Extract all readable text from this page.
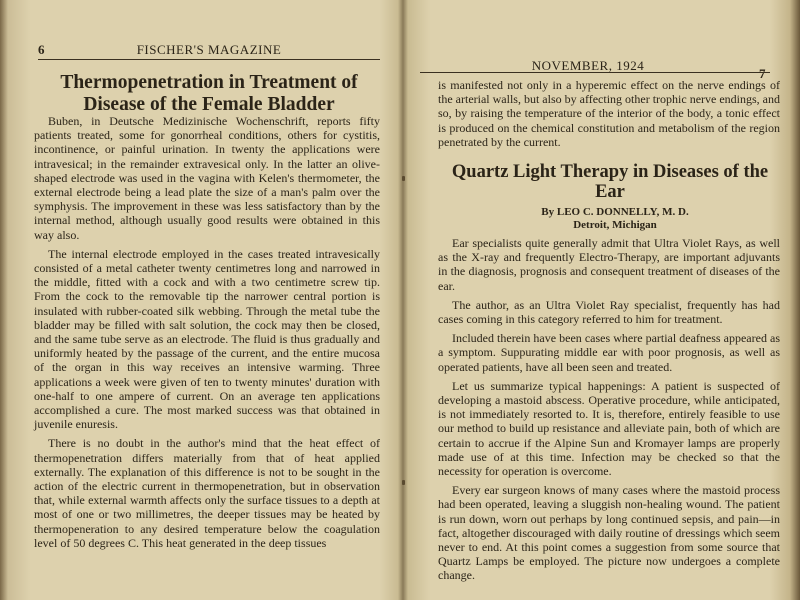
6	FISCHER'S MAGAZINE
Thermopenetration in Treatment of Disease of the Female Bladder

Buben, in Deutsche Medizinische Wochenschrift, reports fifty patients treated, some for gonorrheal conditions, others for cystitis, incontinence, or painful urination. In twenty the applications were intravesical; in the remainder extravesical only. In the latter an olive-shaped electrode was used in the vagina with Kelen's thermometer, the external electrode being a lead plate the size of a man's palm over the symphysis. The improvement in these was less satisfactory than by the internal method, although usually good results were obtained in this way also.

The internal electrode employed in the cases treated intravesically consisted of a metal catheter twenty centimetres long and narrowed in the middle, fitted with a cock and with a two centimetre screw tip. From the cock to the removable tip the narrower central portion is insulated with rubber-coated silk webbing. Through the metal tube the bladder may be filled with salt solution, the cock may then be closed, and the same tube serve as an electrode. The fluid is thus gradually and uniformly heated by the passage of the current, and the entire mucosa of the organ in this way receives an intensive warming. Three applications a week were given of ten to twenty minutes' duration with one-half to one ampere of current. On an average ten applications accomplished a cure. The most marked success was that obtained in juvenile enuresis.

There is no doubt in the author's mind that the heat effect of thermopenetration differs materially from that of heat applied externally. The explanation of this difference is not to be sought in the action of the electric current in thermopenetration, but in observation that, while external warmth affects only the surface tissues to a depth at most of one or two millimetres, the deeper tissues may be heated by thermopeneration to any desired temperature below the coagulation level of 50 degrees C. This heat generated in the deep tissues

NOVEMBER, 1924
7

is manifested not only in a hyperemic effect on the nerve endings of the arterial walls, but also by affecting other trophic nerve endings, and so, by raising the temperature of the interior of the body, a tonic effect is produced on the chemical constitution and metabolism of the region penetrated by the current.

Quartz Light Therapy in Diseases of the Ear
By LEO C. DONNELLY, M. D.
Detroit, Michigan

Ear specialists quite generally admit that Ultra Violet Rays, as well as the X-ray and frequently Electro-Therapy, are important adjuvants in the diagnosis, prognosis and consequent treatment of diseases of the ear.

The author, as an Ultra Violet Ray specialist, frequently has had cases coming in this category referred to him for treatment.

Included therein have been cases where partial deafness appeared as a symptom. Suppurating middle ear with poor prognosis, as well as operated patients, have all been seen and treated.

Let us summarize typical happenings: A patient is suspected of developing a mastoid abscess. Operative procedure, while anticipated, is not immediately resorted to. It is, therefore, entirely feasible to use our method to build up resistance and alleviate pain, both of which are certain to accrue if the Alpine Sun and Kromayer lamps are properly made use of at this time. Infection may be checked so that the necessity for operation is overcome.

Every ear surgeon knows of many cases where the mastoid process had been operated, leaving a sluggish non-healing wound. The patient is run down, worn out perhaps by long continued sepsis, and pain—in fact, altogether discouraged with daily routine of dressings which seem never to end. At this point comes a suggestion from some source that Quartz Lamps be employed. The picture now undergoes a complete change.
